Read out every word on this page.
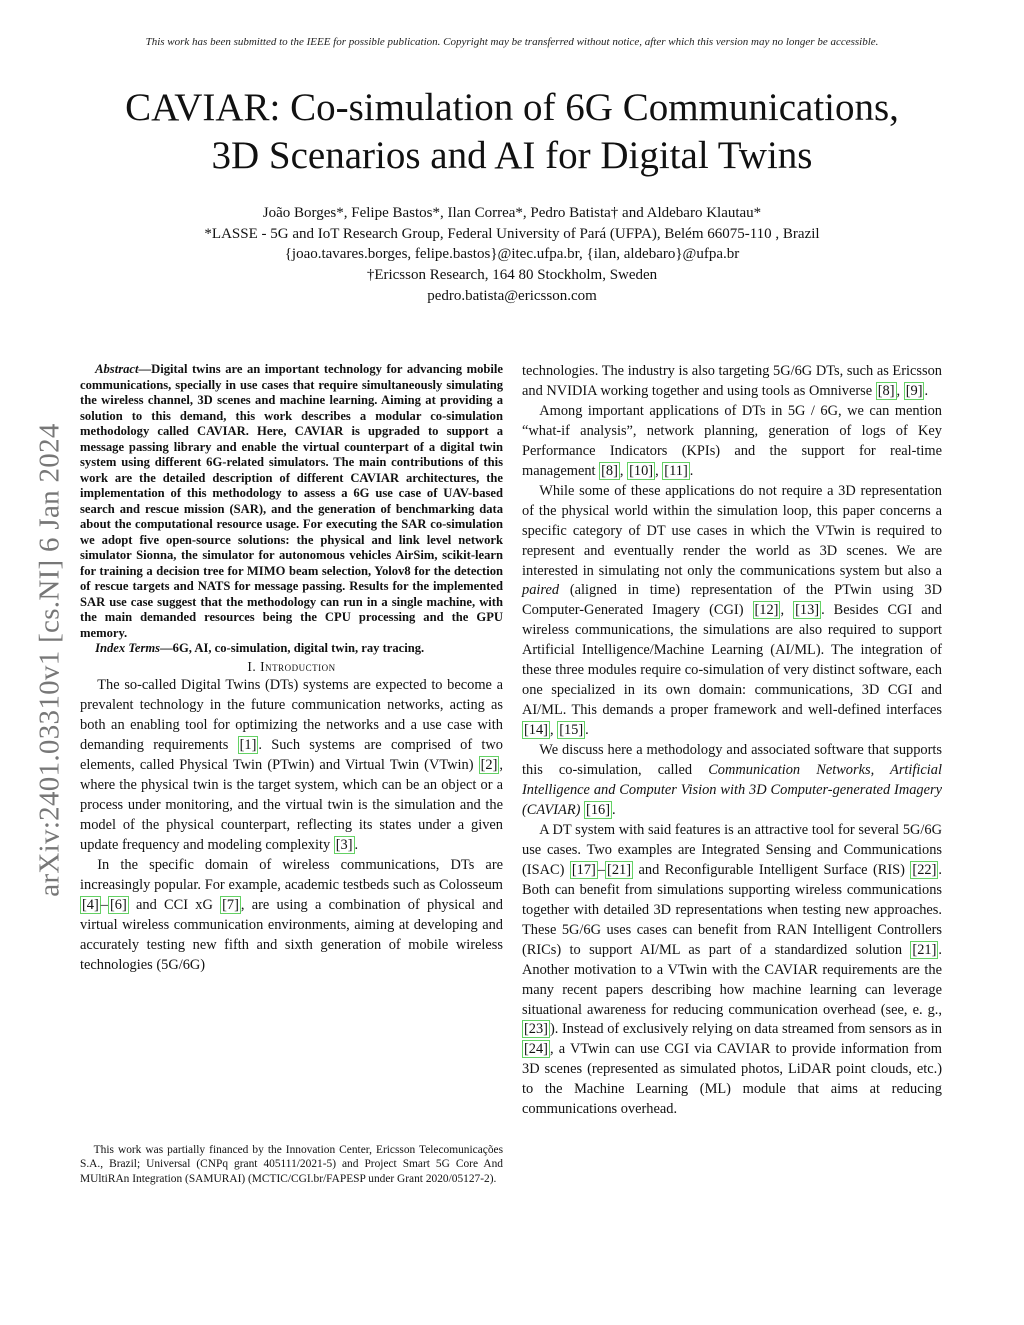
This work has been submitted to the IEEE for possible publication. Copyright may be transferred without notice, after which this version may no longer be accessible.
arXiv:2401.03310v1 [cs.NI] 6 Jan 2024
CAVIAR: Co-simulation of 6G Communications,
3D Scenarios and AI for Digital Twins
João Borges*, Felipe Bastos*, Ilan Correa*, Pedro Batista† and Aldebaro Klautau*
*LASSE - 5G and IoT Research Group, Federal University of Pará (UFPA), Belém 66075-110 , Brazil
{joao.tavares.borges, felipe.bastos}@itec.ufpa.br, {ilan, aldebaro}@ufpa.br
†Ericsson Research, 164 80 Stockholm, Sweden
pedro.batista@ericsson.com

Abstract—Digital twins are an important technology for advancing mobile communications, specially in use cases that require simultaneously simulating the wireless channel, 3D scenes and machine learning. Aiming at providing a solution to this demand, this work describes a modular co-simulation methodology called CAVIAR. Here, CAVIAR is upgraded to support a message passing library and enable the virtual counterpart of a digital twin system using different 6G-related simulators. The main contributions of this work are the detailed description of different CAVIAR architectures, the implementation of this methodology to assess a 6G use case of UAV-based search and rescue mission (SAR), and the generation of benchmarking data about the computational resource usage. For executing the SAR co-simulation we adopt five open-source solutions: the physical and link level network simulator Sionna, the simulator for autonomous vehicles AirSim, scikit-learn for training a decision tree for MIMO beam selection, Yolov8 for the detection of rescue targets and NATS for message passing. Results for the implemented SAR use case suggest that the methodology can run in a single machine, with the main demanded resources being the CPU processing and the GPU memory.

Index Terms—6G, AI, co-simulation, digital twin, ray tracing.

I. Introduction

The so-called Digital Twins (DTs) systems are expected to become a prevalent technology in the future communication networks, acting as both an enabling tool for optimizing the networks and a use case with demanding requirements [1] . Such systems are comprised of two elements, called Physical Twin (PTwin) and Virtual Twin (VTwin) [2] , where the physical twin is the target system, which can be an object or a process under monitoring, and the virtual twin is the simulation and the model of the physical counterpart, reflecting its states under a given update frequency and modeling complexity [3] .

In the specific domain of wireless communications, DTs are increasingly popular. For example, academic testbeds such as Colosseum [4] – [6] and CCI xG [7] , are using a combination of physical and virtual wireless communication environments, aiming at developing and accurately testing new fifth and sixth generation of mobile wireless technologies (5G/6G)

This work was partially financed by the Innovation Center, Ericsson Telecomunicações S.A., Brazil; Universal (CNPq grant 405111/2021-5) and Project Smart 5G Core And MUltiRAn Integration (SAMURAI) (MCTIC/CGI.br/FAPESP under Grant 2020/05127-2).

technologies. The industry is also targeting 5G/6G DTs, such as Ericsson and NVIDIA working together and using tools as Omniverse [8] , [9] .

Among important applications of DTs in 5G / 6G, we can mention “what-if analysis”, network planning, generation of logs of Key Performance Indicators (KPIs) and the support for real-time management [8] , [10] , [11] .

While some of these applications do not require a 3D representation of the physical world within the simulation loop, this paper concerns a specific category of DT use cases in which the VTwin is required to represent and eventually render the world as 3D scenes. We are interested in simulating not only the communications system but also a paired (aligned in time) representation of the PTwin using 3D Computer-Generated Imagery (CGI) [12] , [13] . Besides CGI and wireless communications, the simulations are also required to support Artificial Intelligence/Machine Learning (AI/ML). The integration of these three modules require co-simulation of very distinct software, each one specialized in its own domain: communications, 3D CGI and AI/ML. This demands a proper framework and well-defined interfaces [14] , [15] .

We discuss here a methodology and associated software that supports this co-simulation, called Communication Networks, Artificial Intelligence and Computer Vision with 3D Computer-generated Imagery (CAVIAR) [16] .

A DT system with said features is an attractive tool for several 5G/6G use cases. Two examples are Integrated Sensing and Communications (ISAC) [17] – [21] and Reconfigurable Intelligent Surface (RIS) [22] . Both can benefit from simulations supporting wireless communications together with detailed 3D representations when testing new approaches. These 5G/6G uses cases can benefit from RAN Intelligent Controllers (RICs) to support AI/ML as part of a standardized solution [21] . Another motivation to a VTwin with the CAVIAR requirements are the many recent papers describing how machine learning can leverage situational awareness for reducing communication overhead (see, e. g., [23] ). Instead of exclusively relying on data streamed from sensors as in [24] , a VTwin can use CGI via CAVIAR to provide information from 3D scenes (represented as simulated photos, LiDAR point clouds, etc.) to the Machine Learning (ML) module that aims at reducing communications overhead.
